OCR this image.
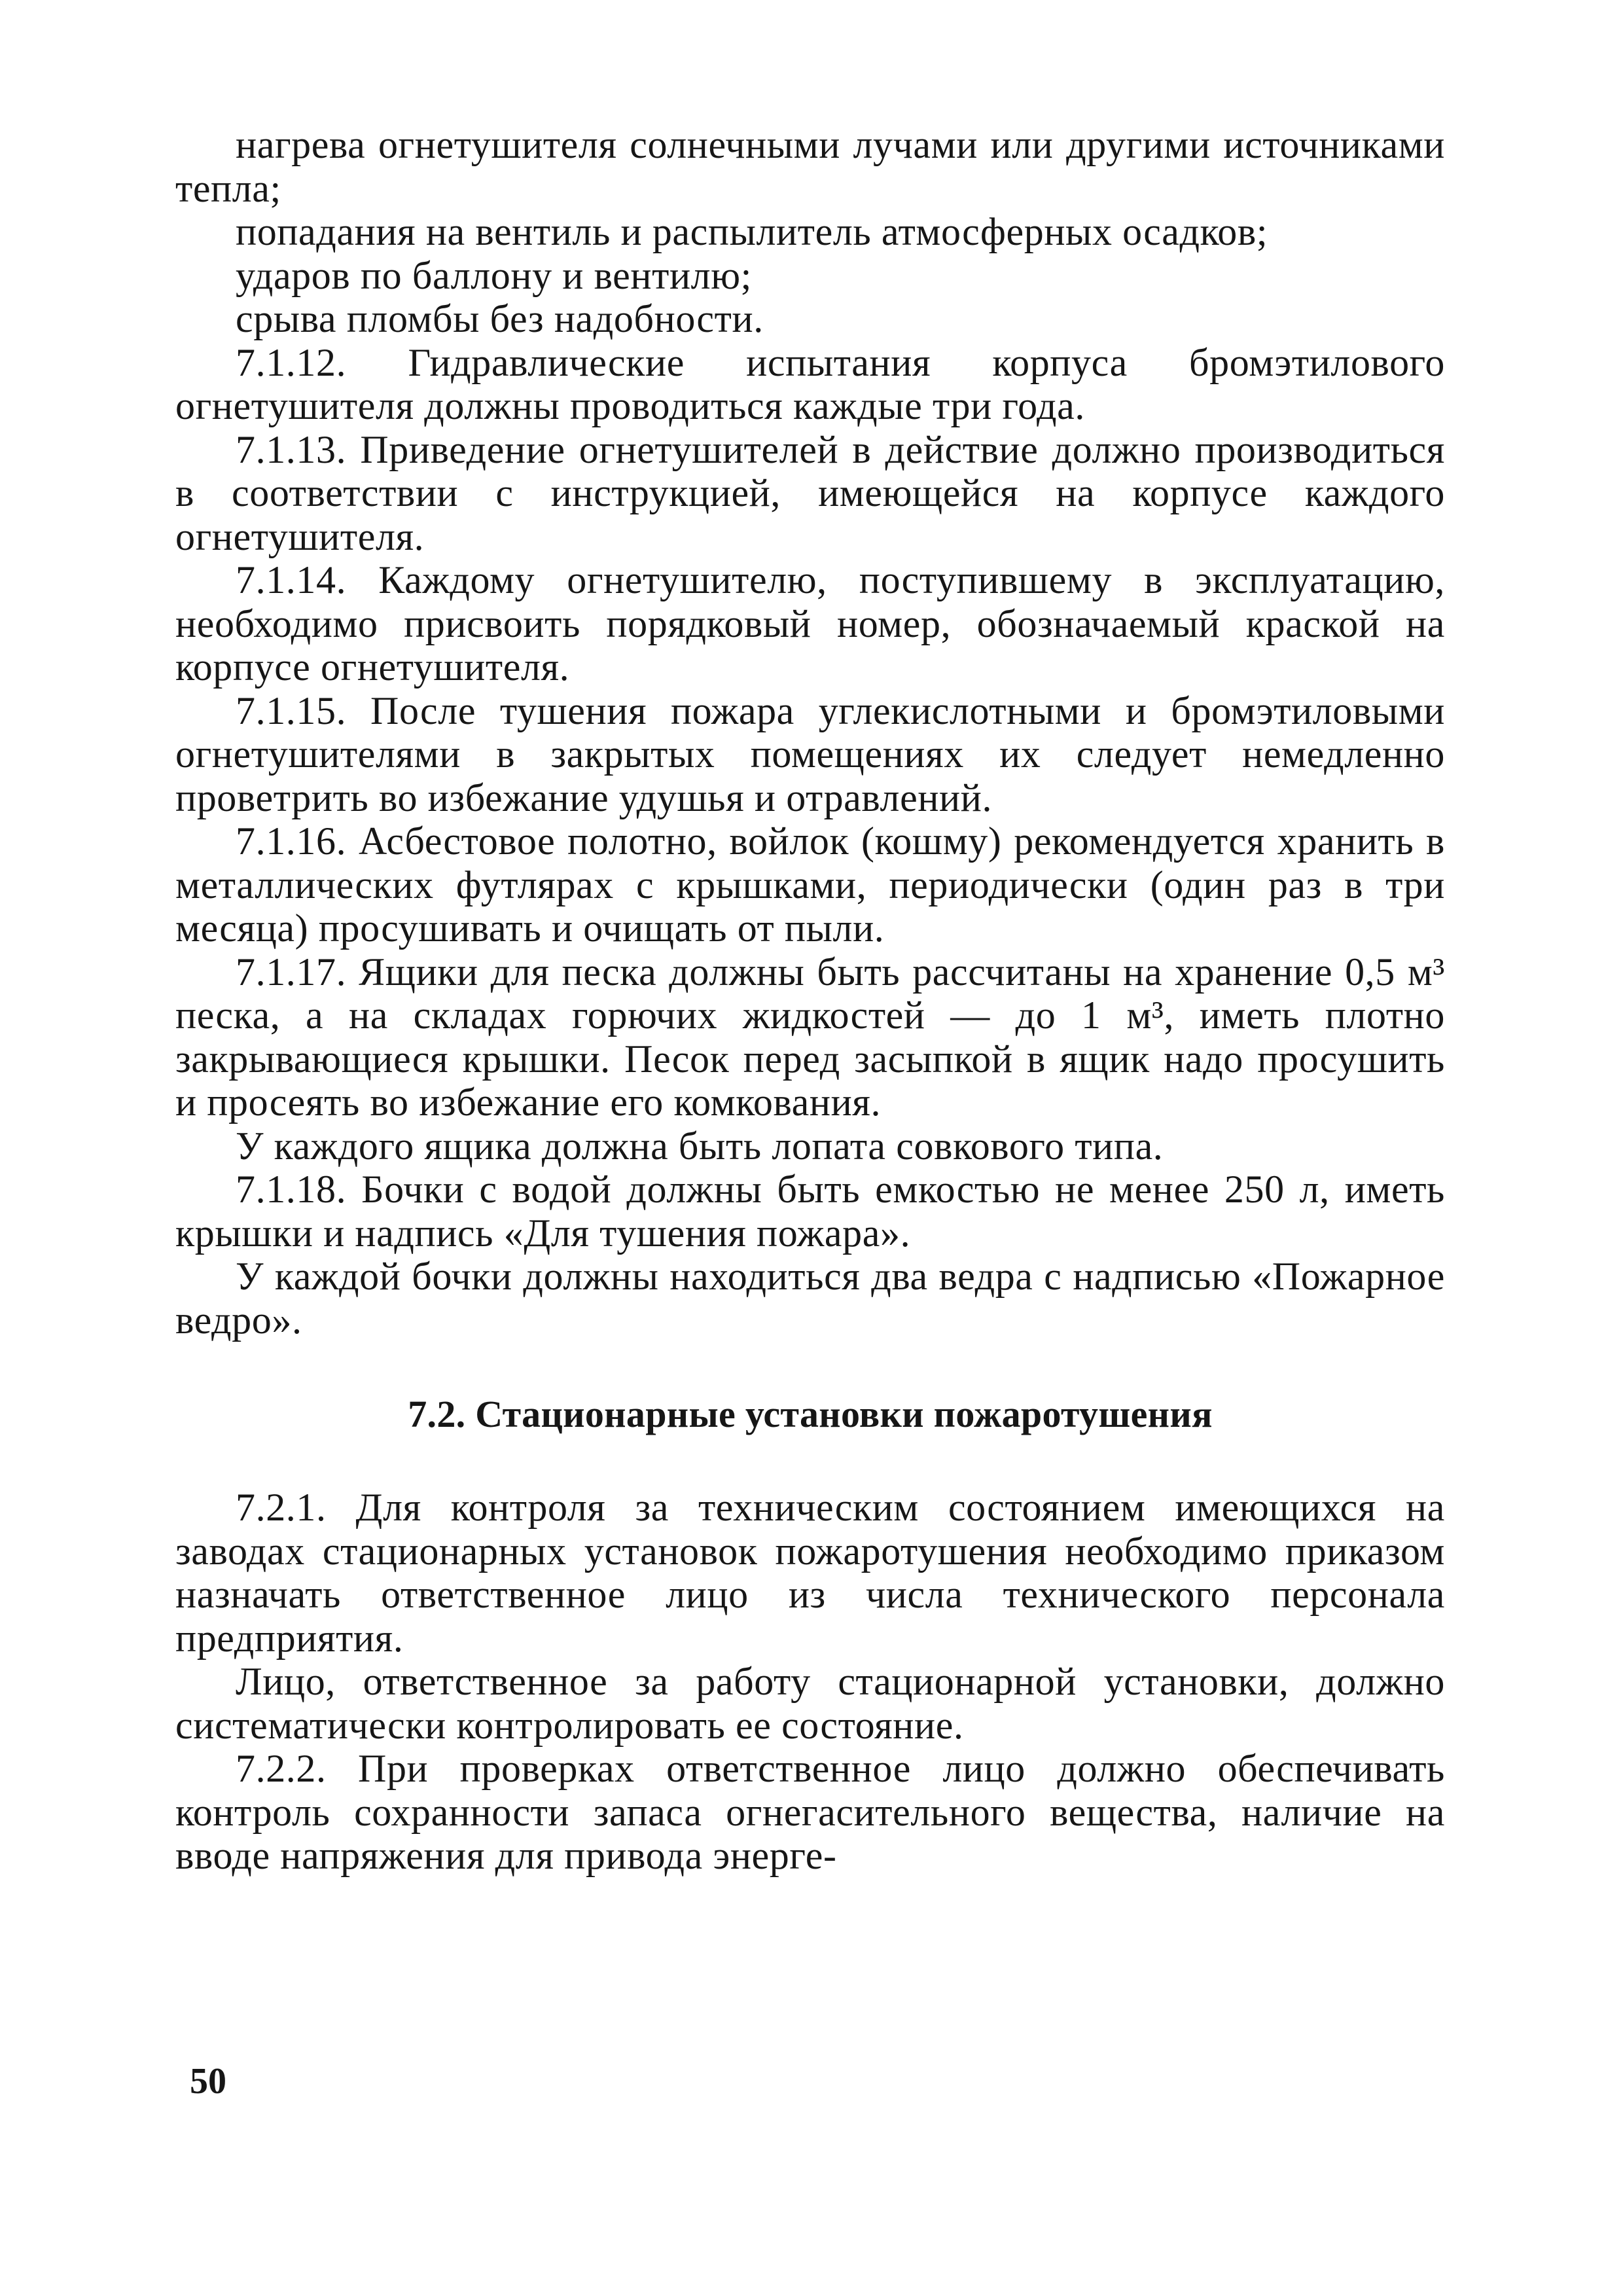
нагрева огнетушителя солнечными лучами или другими источниками тепла;

попадания на вентиль и распылитель атмосферных осадков;

ударов по баллону и вентилю;

срыва пломбы без надобности.

7.1.12. Гидравлические испытания корпуса бромэтилового огнетушителя должны проводиться каждые три года.

7.1.13. Приведение огнетушителей в действие должно производиться в соответствии с инструкцией, имеющейся на корпусе каждого огнетушителя.

7.1.14. Каждому огнетушителю, поступившему в эксплуатацию, необходимо присвоить порядковый номер, обозначаемый краской на корпусе огнетушителя.

7.1.15. После тушения пожара углекислотными и бромэтиловыми огнетушителями в закрытых помещениях их следует немедленно проветрить во избежание удушья и отравлений.

7.1.16. Асбестовое полотно, войлок (кошму) рекомендуется хранить в металлических футлярах с крышками, периодически (один раз в три месяца) просушивать и очищать от пыли.

7.1.17. Ящики для песка должны быть рассчитаны на хранение 0,5 м³ песка, а на складах горючих жидкостей — до 1 м³, иметь плотно закрывающиеся крышки. Песок перед засыпкой в ящик надо просушить и просеять во избежание его комкования.

У каждого ящика должна быть лопата совкового типа.

7.1.18. Бочки с водой должны быть емкостью не менее 250 л, иметь крышки и надпись «Для тушения пожара».

У каждой бочки должны находиться два ведра с надписью «Пожарное ведро».

7.2. Стационарные установки пожаротушения

7.2.1. Для контроля за техническим состоянием имеющихся на заводах стационарных установок пожаротушения необходимо приказом назначать ответственное лицо из числа технического персонала предприятия.

Лицо, ответственное за работу стационарной установки, должно систематически контролировать ее состояние.

7.2.2. При проверках ответственное лицо должно обеспечивать контроль сохранности запаса огнегасительного вещества, наличие на вводе напряжения для привода энерге-

50
